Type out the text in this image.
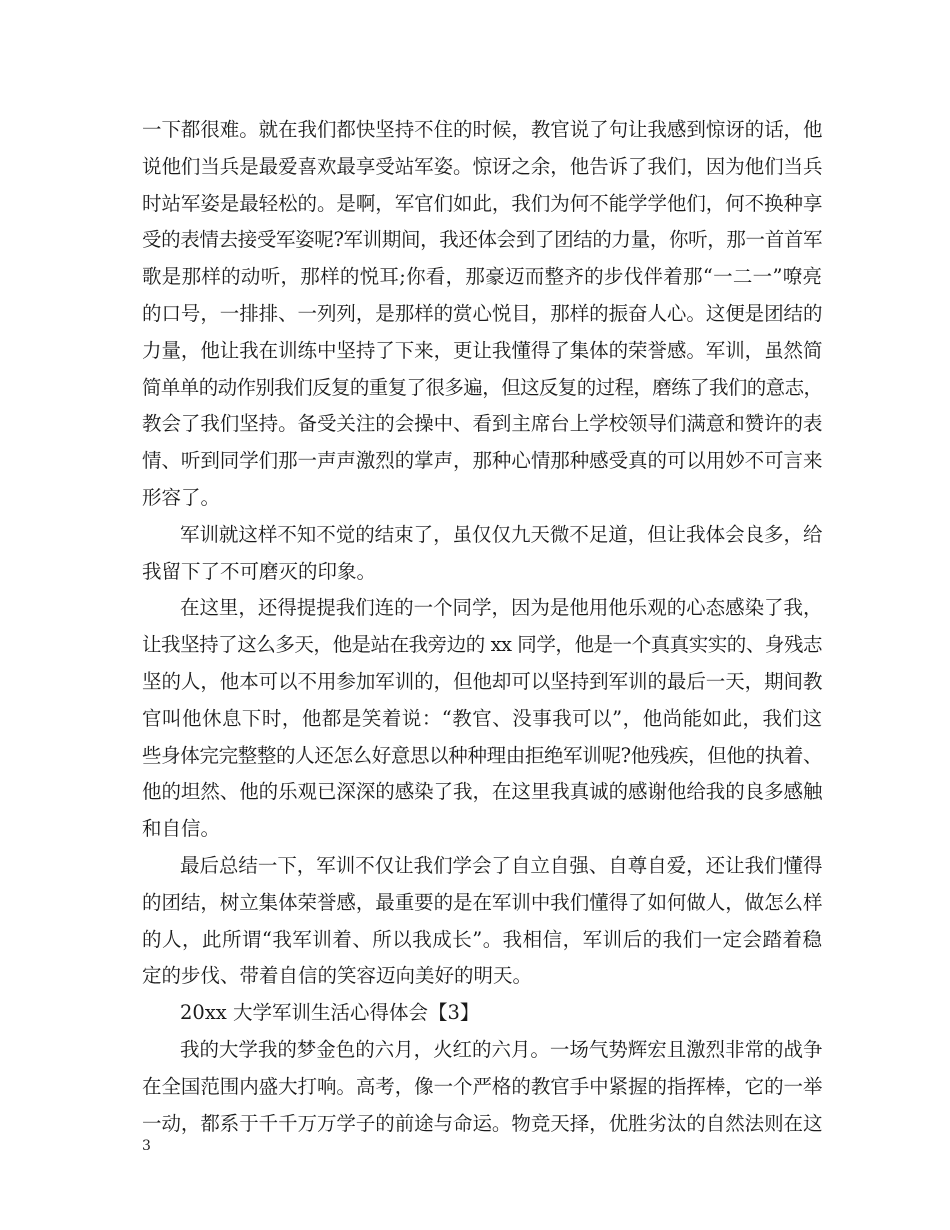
一下都很难。就在我们都快坚持不住的时候，教官说了句让我感到惊讶的话，他
说他们当兵是最爱喜欢最享受站军姿。惊讶之余，他告诉了我们，因为他们当兵
时站军姿是最轻松的。是啊，军官们如此，我们为何不能学学他们，何不换种享
受的表情去接受军姿呢?军训期间，我还体会到了团结的力量，你听，那一首首军
歌是那样的动听，那样的悦耳;你看，那豪迈而整齐的步伐伴着那“一二一”嘹亮
的口号，一排排、一列列，是那样的赏心悦目，那样的振奋人心。这便是团结的
力量，他让我在训练中坚持了下来，更让我懂得了集体的荣誉感。军训，虽然简
简单单的动作别我们反复的重复了很多遍，但这反复的过程，磨练了我们的意志，
教会了我们坚持。备受关注的会操中、看到主席台上学校领导们满意和赞许的表
情、听到同学们那一声声激烈的掌声，那种心情那种感受真的可以用妙不可言来
形容了。
军训就这样不知不觉的结束了，虽仅仅九天微不足道，但让我体会良多，给
我留下了不可磨灭的印象。
在这里，还得提提我们连的一个同学，因为是他用他乐观的心态感染了我，
让我坚持了这么多天，他是站在我旁边的 xx 同学，他是一个真真实实的、身残志
坚的人，他本可以不用参加军训的，但他却可以坚持到军训的最后一天，期间教
官叫他休息下时，他都是笑着说：“教官、没事我可以”，他尚能如此，我们这
些身体完完整整的人还怎么好意思以种种理由拒绝军训呢?他残疾，但他的执着、
他的坦然、他的乐观已深深的感染了我，在这里我真诚的感谢他给我的良多感触
和自信。
最后总结一下，军训不仅让我们学会了自立自强、自尊自爱，还让我们懂得
的团结，树立集体荣誉感，最重要的是在军训中我们懂得了如何做人，做怎么样
的人，此所谓“我军训着、所以我成长”。我相信，军训后的我们一定会踏着稳
定的步伐、带着自信的笑容迈向美好的明天。
20xx 大学军训生活心得体会【3】
我的大学我的梦金色的六月，火红的六月。一场气势辉宏且激烈非常的战争
在全国范围内盛大打响。高考，像一个严格的教官手中紧握的指挥棒，它的一举
一动，都系于千千万万学子的前途与命运。物竞天择，优胜劣汰的自然法则在这
3
